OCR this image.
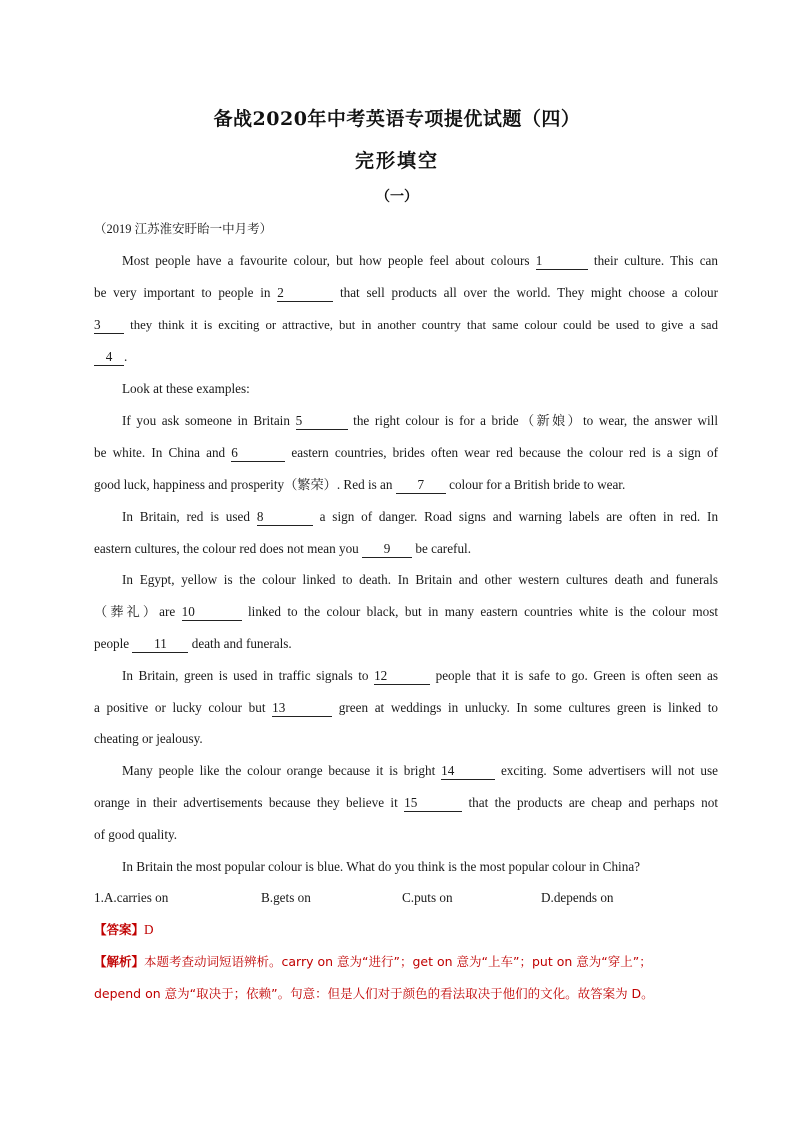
备战2020年中考英语专项提优试题（四）
完形填空
（一）
（2019 江苏淮安盱眙一中月考）
Most people have a favourite colour, but how people feel about colours 1	their culture. This can
be very important to people in 2	that sell products all over the world. They might choose a colour
3 they think it is exciting or attractive, but in another country that same colour could be used to give a sad
4 .
Look at these examples:
If you ask someone in Britain 5	the right colour is for a bride（新娘）to wear, the answer will
be white. In China and 6	eastern countries, brides often wear red because the colour red is a sign of
good luck, happiness and prosperity（繁荣）. Red is an 7 colour for a British bride to wear.
In Britain, red is used 8	a sign of danger. Road signs and warning labels are often in red. In
eastern cultures, the colour red does not mean you 9 be careful.
In Egypt, yellow is the colour linked to death. In Britain and other western cultures death and funerals
（葬礼）are 10	linked to the colour black, but in many eastern countries white is the colour most
people 11 death and funerals.
In Britain, green is used in traffic signals to 12	people that it is safe to go. Green is often seen as
a positive or lucky colour but 13	green at weddings in unlucky. In some cultures green is linked to
cheating or jealousy.
Many people like the colour orange because it is bright 14	exciting. Some advertisers will not use
orange in their advertisements because they believe it 15	that the products are cheap and perhaps not
of good quality.
In Britain the most popular colour is blue. What do you think is the most popular colour in China?
1.A.carries on	B.gets on	C.puts on	D.depends on
【答案】D
【解析】本题考查动词短语辨析。carry on 意为“进行”；get on 意为“上车”；put on 意为“穿上”；
depend on 意为“取决于；依赖”。句意：但是人们对于颜色的看法取决于他们的文化。故答案为 D。
